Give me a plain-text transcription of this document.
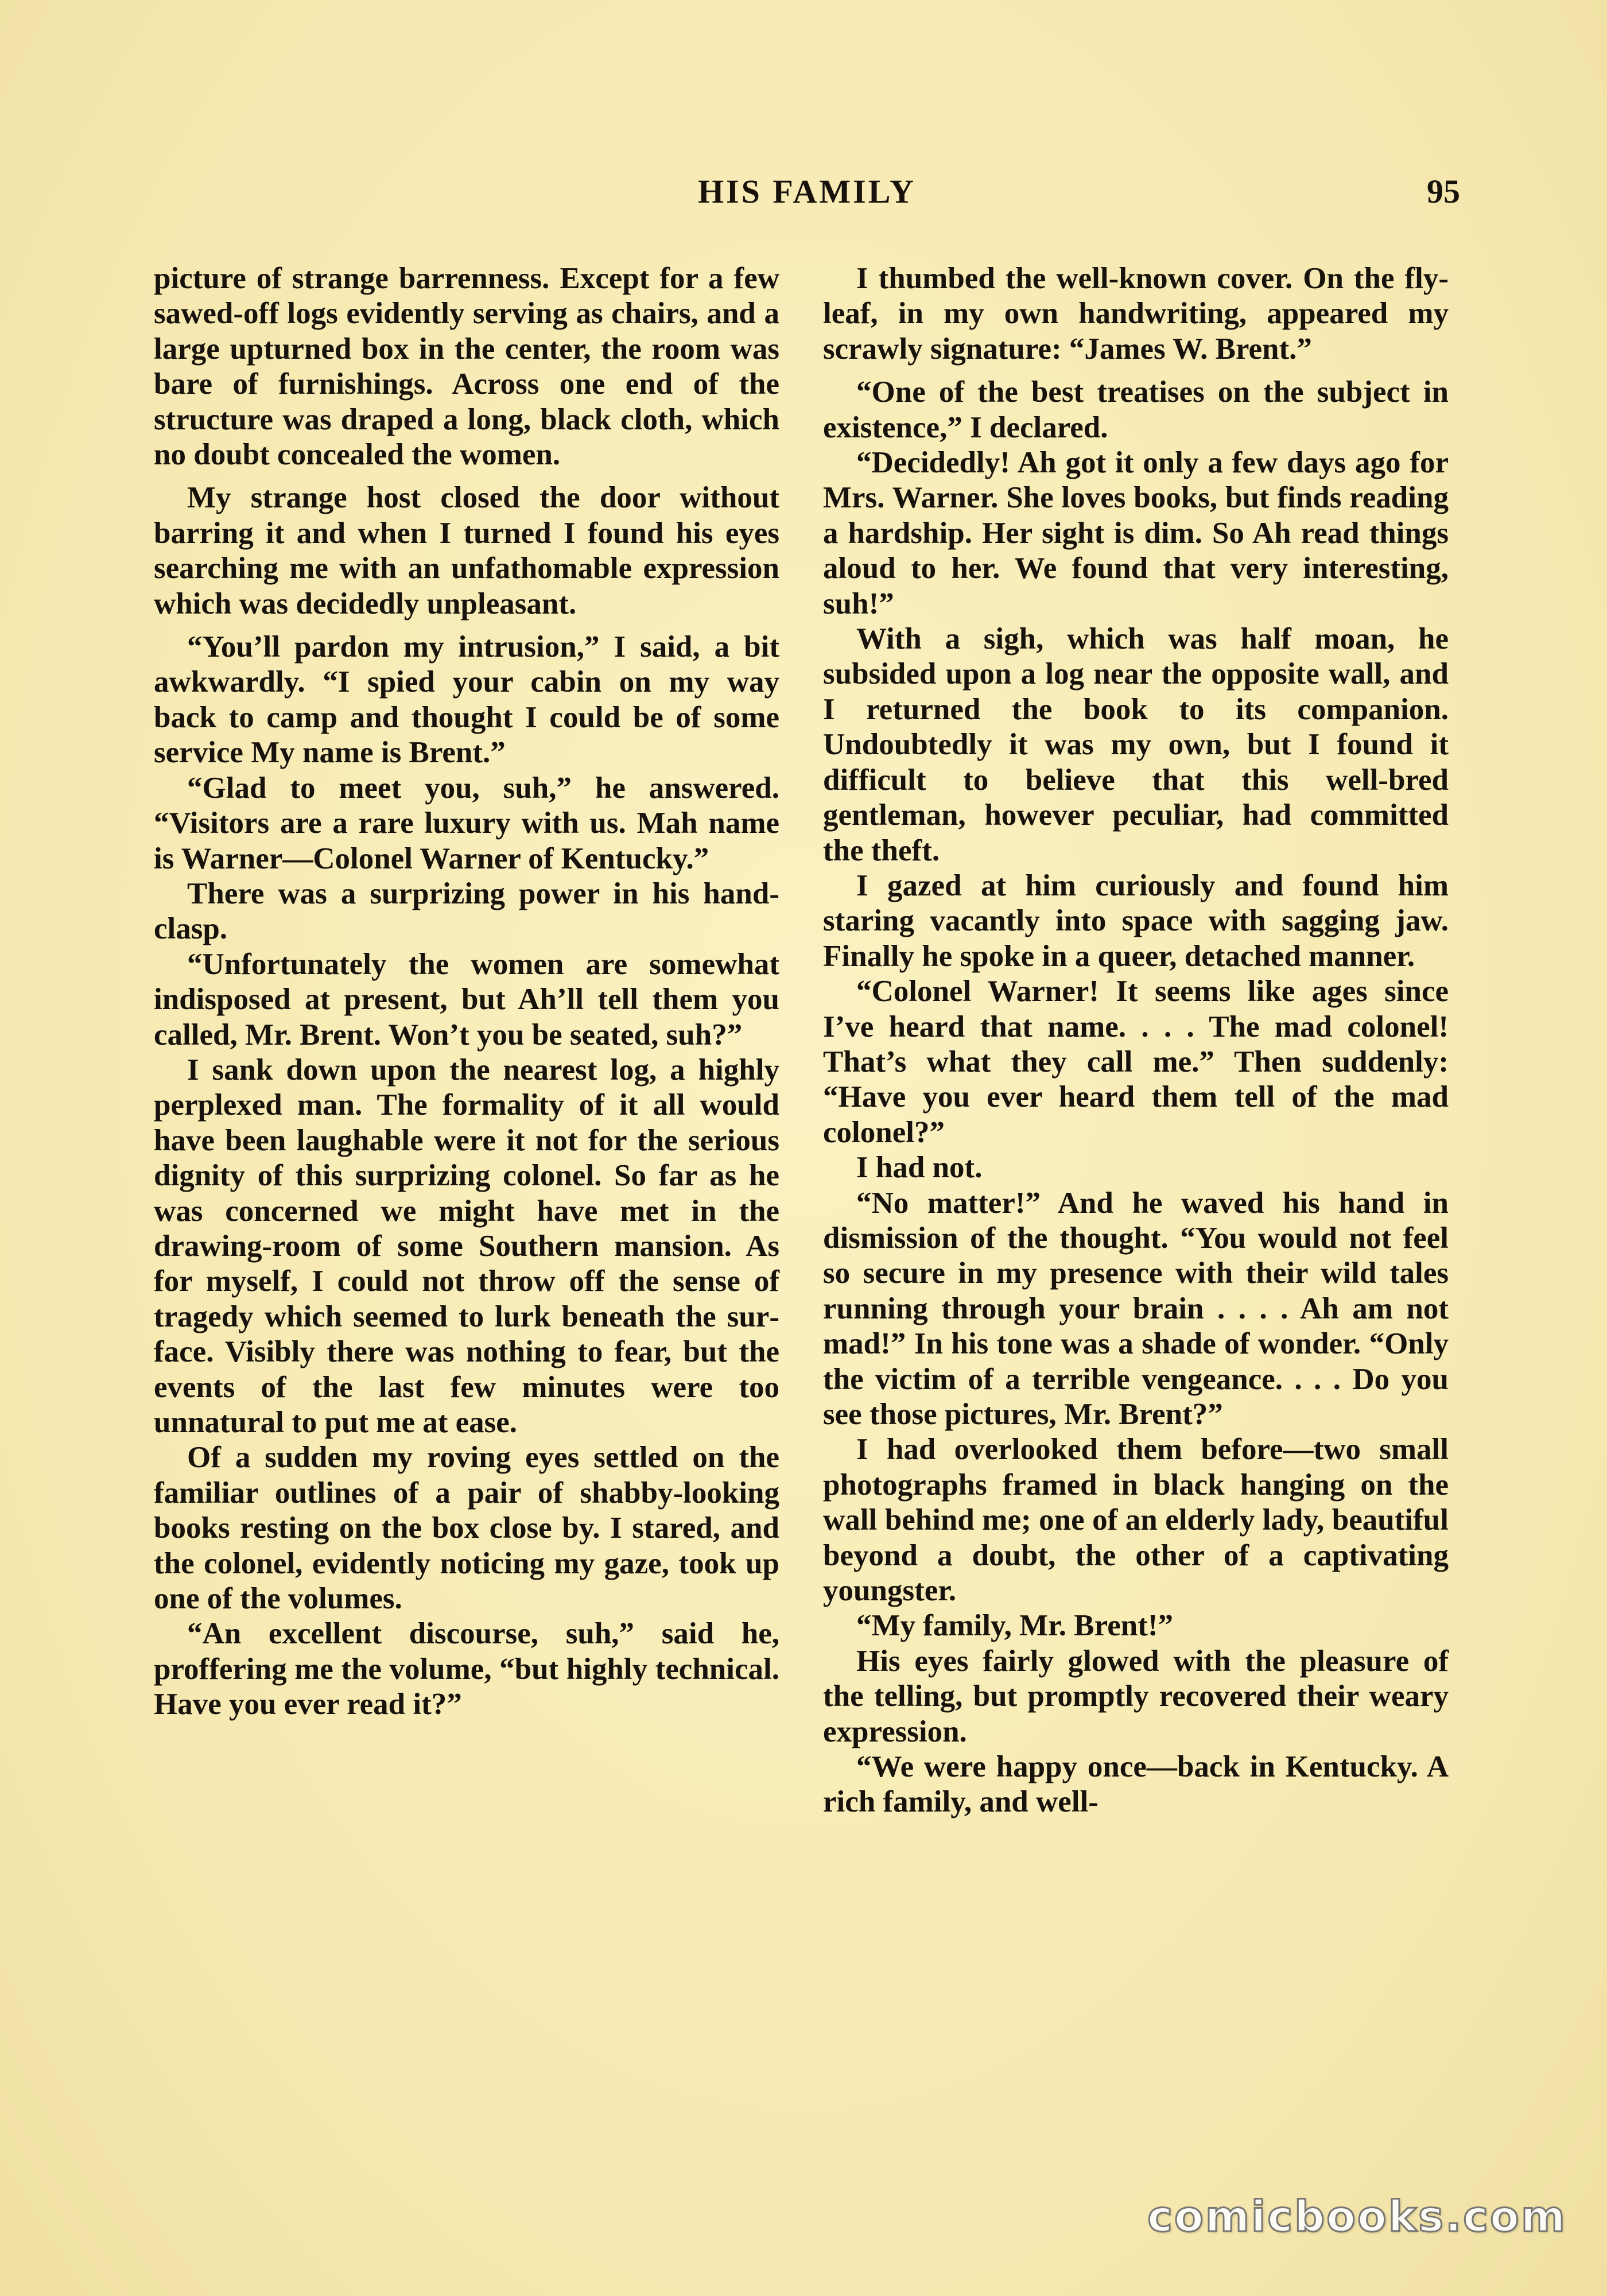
HIS FAMILY	95

picture of strange barrenness. Except for a few sawed-off logs evidently serving as chairs, and a large upturned box in the center, the room was bare of furnishings. Across one end of the structure was draped a long, black cloth, which no doubt concealed the women.

My strange host closed the door without barring it and when I turned I found his eyes searching me with an unfathomable expression which was decidedly unpleasant.

“You’ll pardon my intrusion,” I said, a bit awkwardly. “I spied your cabin on my way back to camp and thought I could be of some service My name is Brent.”

“Glad to meet you, suh,” he answered. “Visitors are a rare luxury with us. Mah name is Warner—Colonel Warner of Kentucky.”

There was a surprizing power in his hand-clasp.

“Unfortunately the women are somewhat indisposed at present, but Ah’ll tell them you called, Mr. Brent. Won’t you be seated, suh?”

I sank down upon the nearest log, a highly perplexed man. The formality of it all would have been laughable were it not for the serious dignity of this surprizing colonel. So far as he was concerned we might have met in the drawing-room of some Southern mansion. As for myself, I could not throw off the sense of tragedy which seemed to lurk beneath the surface. Visibly there was nothing to fear, but the events of the last few minutes were too unnatural to put me at ease.

Of a sudden my roving eyes settled on the familiar outlines of a pair of shabby-looking books resting on the box close by. I stared, and the colonel, evidently noticing my gaze, took up one of the volumes.

“An excellent discourse, suh,” said he, proffering me the volume, “but highly technical. Have you ever read it?”

I thumbed the well-known cover. On the fly-leaf, in my own handwriting, appeared my scrawly signature: “James W. Brent.”

“One of the best treatises on the subject in existence,” I declared.

“Decidedly! Ah got it only a few days ago for Mrs. Warner. She loves books, but finds reading a hardship. Her sight is dim. So Ah read things aloud to her. We found that very interesting, suh!”

With a sigh, which was half moan, he subsided upon a log near the opposite wall, and I returned the book to its companion. Undoubtedly it was my own, but I found it difficult to believe that this well-bred gentleman, however peculiar, had committed the theft.

I gazed at him curiously and found him staring vacantly into space with sagging jaw. Finally he spoke in a queer, detached manner.

“Colonel Warner! It seems like ages since I’ve heard that name. . . . The mad colonel! That’s what they call me.” Then suddenly: “Have you ever heard them tell of the mad colonel?”

I had not.

“No matter!” And he waved his hand in dismission of the thought. “You would not feel so secure in my presence with their wild tales running through your brain . . . . Ah am not mad!” In his tone was a shade of wonder. “Only the victim of a terrible vengeance. . . . Do you see those pictures, Mr. Brent?”

I had overlooked them before—two small photographs framed in black hanging on the wall behind me; one of an elderly lady, beautiful beyond a doubt, the other of a captivating youngster.

“My family, Mr. Brent!”

His eyes fairly glowed with the pleasure of the telling, but promptly recovered their weary expression.

“We were happy once—back in Kentucky. A rich family, and well-

comicbooks.com
